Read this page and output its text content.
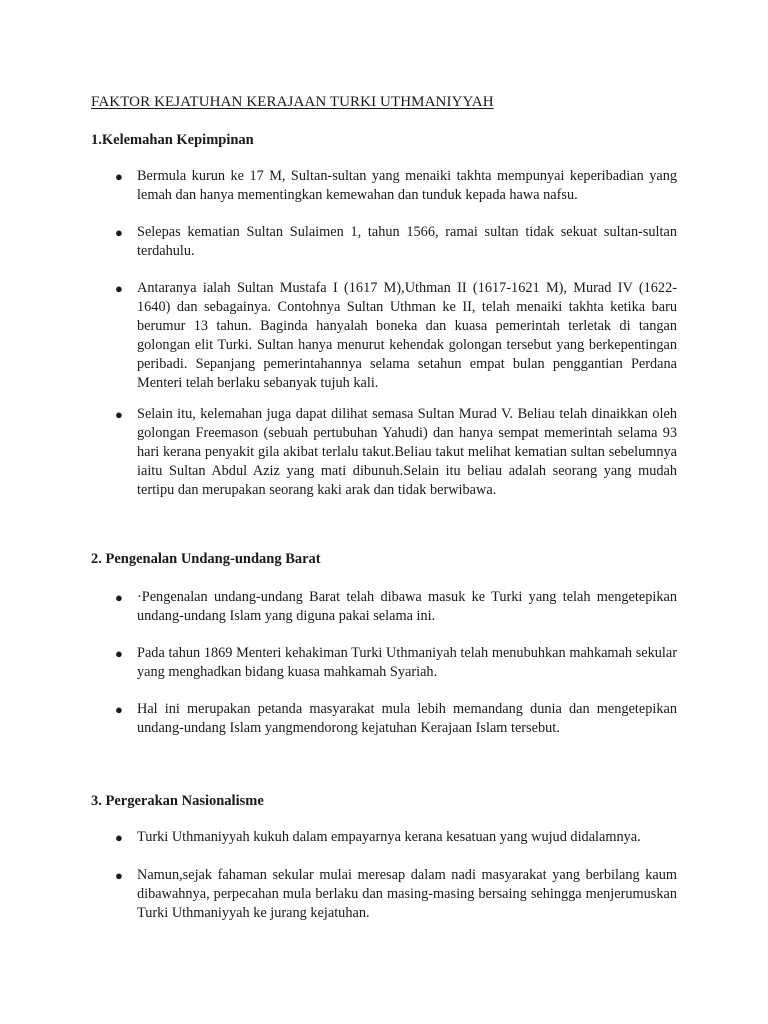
FAKTOR KEJATUHAN KERAJAAN TURKI UTHMANIYYAH
1.Kelemahan Kepimpinan
● Bermula kurun ke 17 M, Sultan-sultan yang menaiki takhta mempunyai keperibadian yang lemah dan hanya mementingkan kemewahan dan tunduk kepada hawa nafsu.
● Selepas kematian Sultan Sulaimen 1, tahun 1566, ramai sultan tidak sekuat sultan-sultan terdahulu.
● Antaranya ialah Sultan Mustafa I (1617 M),Uthman II (1617-1621 M), Murad IV (1622-1640) dan sebagainya. Contohnya Sultan Uthman ke II, telah menaiki takhta ketika baru berumur 13 tahun. Baginda hanyalah boneka dan kuasa pemerintah terletak di tangan golongan elit Turki. Sultan hanya menurut kehendak golongan tersebut yang berkepentingan peribadi. Sepanjang pemerintahannya selama setahun empat bulan penggantian Perdana Menteri telah berlaku sebanyak tujuh kali.
● Selain itu, kelemahan juga dapat dilihat semasa Sultan Murad V. Beliau telah dinaikkan oleh golongan Freemason (sebuah pertubuhan Yahudi) dan hanya sempat memerintah selama 93 hari kerana penyakit gila akibat terlalu takut.Beliau takut melihat kematian sultan sebelumnya iaitu Sultan Abdul Aziz yang mati dibunuh.Selain itu beliau adalah seorang yang mudah tertipu dan merupakan seorang kaki arak dan tidak berwibawa.
2. Pengenalan Undang-undang Barat
● ·Pengenalan undang-undang Barat telah dibawa masuk ke Turki yang telah mengetepikan undang-undang Islam yang diguna pakai selama ini.
● Pada tahun 1869 Menteri kehakiman Turki Uthmaniyah telah menubuhkan mahkamah sekular yang menghadkan bidang kuasa mahkamah Syariah.
● Hal ini merupakan petanda masyarakat mula lebih memandang dunia dan mengetepikan undang-undang Islam yangmendorong kejatuhan Kerajaan Islam tersebut.
3. Pergerakan Nasionalisme
● Turki Uthmaniyyah kukuh dalam empayarnya kerana kesatuan yang wujud didalamnya.
● Namun,sejak fahaman sekular mulai meresap dalam nadi masyarakat yang berbilang kaum dibawahnya, perpecahan mula berlaku dan masing-masing bersaing sehingga menjerumuskan Turki Uthmaniyyah ke jurang kejatuhan.
